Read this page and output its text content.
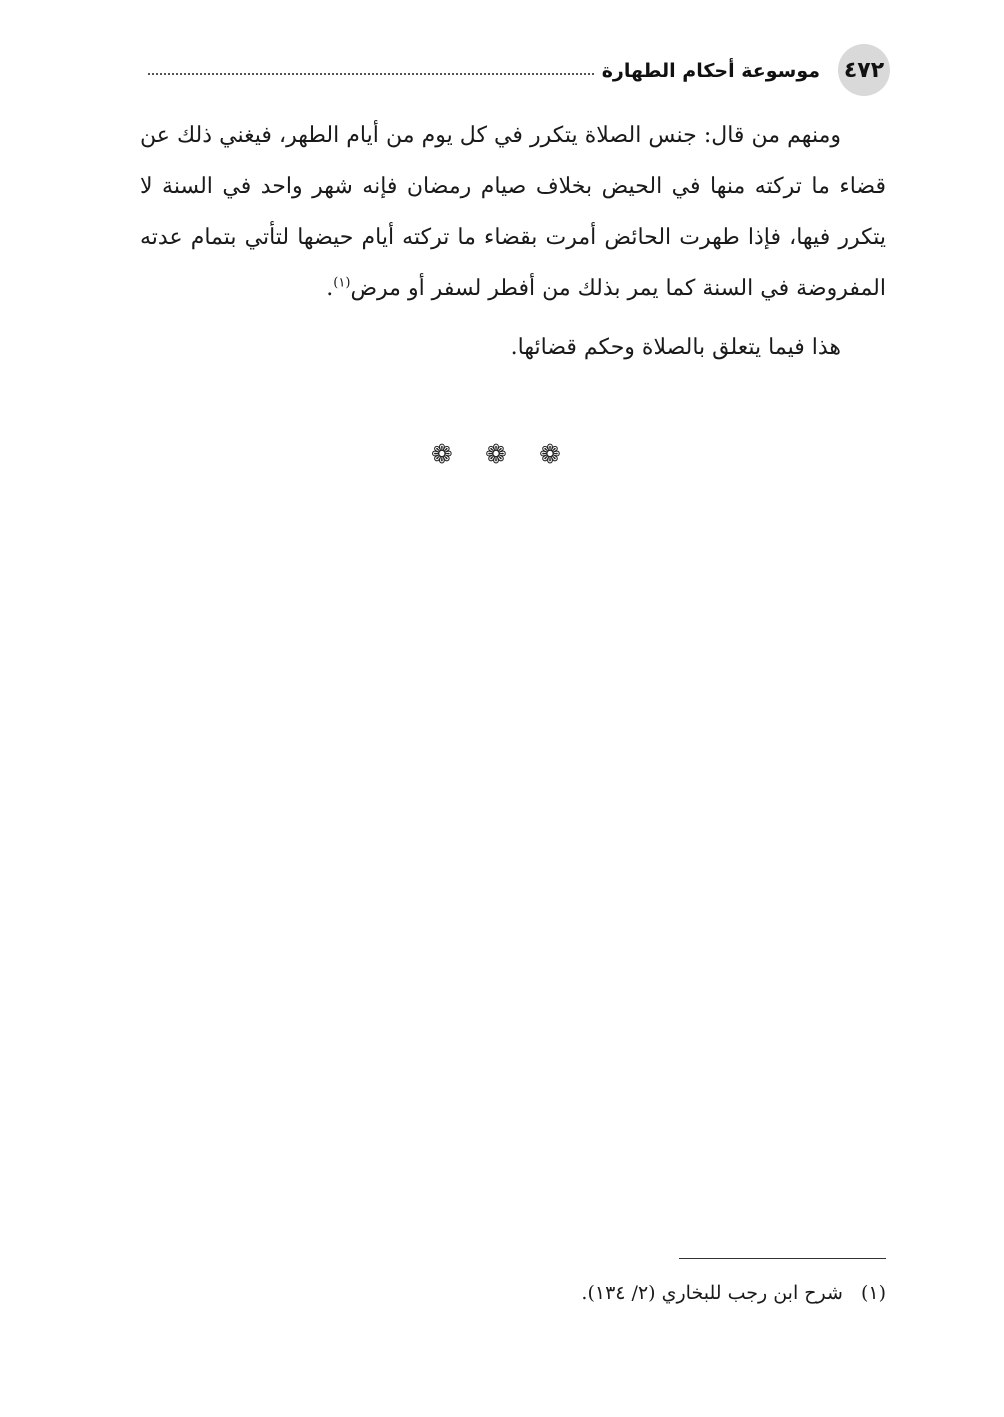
٤٧٢
موسوعة أحكام الطهارة

ومنهم من قال: جنس الصلاة يتكرر في كل يوم من أيام الطهر، فيغني ذلك عن قضاء ما تركته منها في الحيض بخلاف صيام رمضان فإنه شهر واحد في السنة لا يتكرر فيها، فإذا طهرت الحائض أمرت بقضاء ما تركته أيام حيضها لتأتي بتمام عدته المفروضة في السنة كما يمر بذلك من أفطر لسفر أو مرض$^{(١)}$.

هذا فيما يتعلق بالصلاة وحكم قضائها.

❁ ❁ ❁
(١)شرح ابن رجب للبخاري (٢/ ١٣٤).
